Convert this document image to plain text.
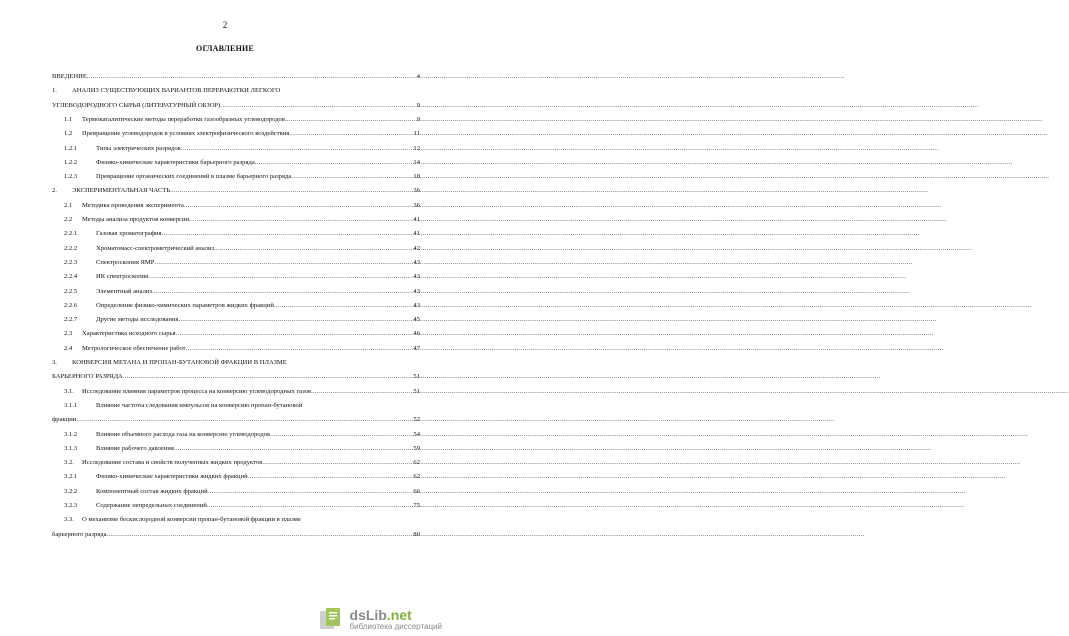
2
ОГЛАВЛЕНИЕ
ВВЕДЕНИЕ .....	4
1. АНАЛИЗ СУЩЕСТВУЮЩИХ ВАРИАНТОВ ПЕРЕРАБОТКИ ЛЕГКОГО
УГЛЕВОДОРОДНОГО СЫРЬЯ (ЛИТЕРАТУРНЫЙ ОБЗОР) .....	9
1.1 Термокаталитические методы переработки газообразных углеводородов .....	9
1.2 Превращение углеводородов в условиях электрофизического воздействия .....	11
1.2.1	Типы электрических разрядов .....	12
1.2.2	Физико-химические характеристики барьерного разряда .....	14
1.2.3	Превращение органических соединений в плазме барьерного разряда .....	18
2. ЭКСПЕРИМЕНТАЛЬНАЯ ЧАСТЬ .....	36
2.1 Методика проведения эксперимента .....	36
2.2 Методы анализа продуктов конверсии .....	41
2.2.1	Газовая хроматография .....	41
2.2.2	Хроматомасс-спектрометрический анализ .....	42
2.2.3	Спектроскопия ЯМР .....	43
2.2.4	ИК спектроскопия .....	43
2.2.5	Элементный анализ .....	43
2.2.6	Определение физико-химических параметров жидких фракций .....	43
2.2.7	Другие методы исследования .....	45
2.3 Характеристика исходного сырья .....	46
2.4 Метрологическое обеспечение работ .....	47
3. КОНВЕРСИЯ МЕТАНА И ПРОПАН-БУТАНОВОЙ ФРАКЦИИ В ПЛАЗМЕ
БАРЬЕРНОГО РАЗРЯДА .....	51
3.1. Исследование влияния параметров процесса на конверсию углеводородных газов .....	51
3.1.1	Влияние частоты следования импульсов на конверсию пропан-бутановой
фракции .....	52
3.1.2	Влияние объемного расхода газа на конверсию углеводородов .....	54
3.1.3	Влияние рабочего давления .....	59
3.2. Исследование состава и свойств полученных жидких продуктов .....	62
3.2.1	Физико-химические характеристики жидких фракций .....	62
3.2.2	Компонентный состав жидких фракций .....	66
3.2.3	Содержание непредельных соединений .....	75
3.3. О механизме бескислородной конверсии пропан-бутановой фракции в плазме
барьерного разряда .....	80
dsLib.net
библиотека диссертаций
